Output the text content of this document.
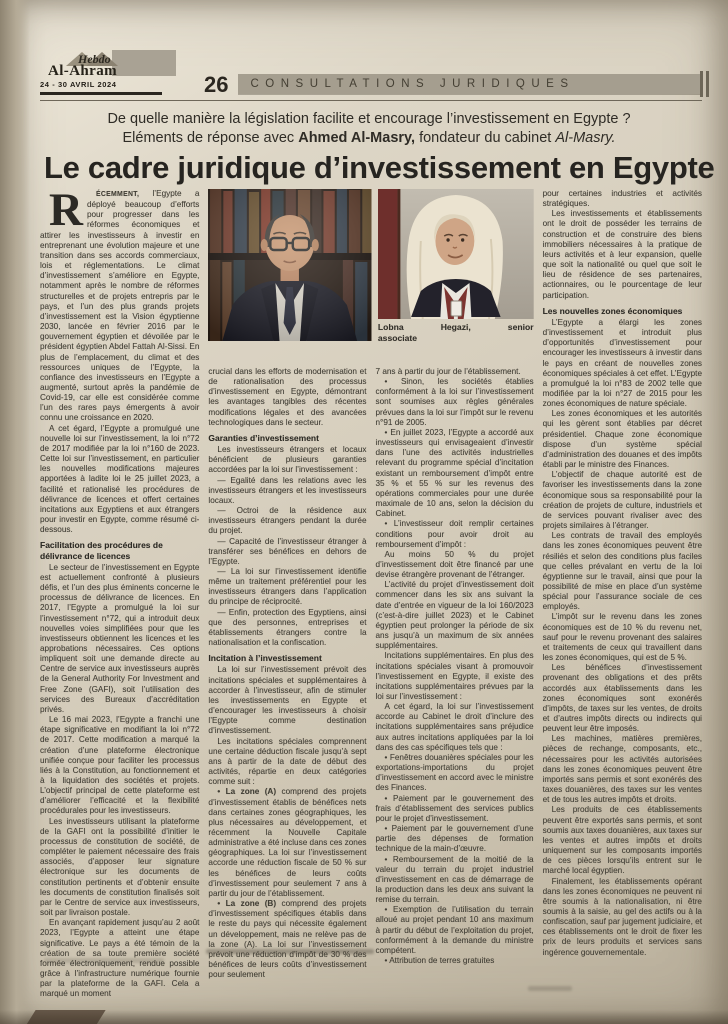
Hebdo
Al-Ahram
24 - 30 AVRIL 2024	26 CONSULTATIONS JURIDIQUES

De quelle manière la législation facilite et encourage l’investissement en Egypte ?

Eléments de réponse avec Ahmed Al-Masry, fondateur du cabinet Al-Masry.

Le cadre juridique d’investissement en Egypte

R ÉCEMMENT, l’Egypte a déployé beaucoup d’efforts pour progresser dans les réformes économiques et attirer les investisseurs à investir en entreprenant une évolution majeure et une transition dans ses accords commerciaux, lois et réglementations. Le climat d’investissement s’améliore en Egypte, notamment après le nombre de réformes structurelles et de projets entrepris par le pays, et l’un des plus grands projets d’investissement est la Vision égyptienne 2030, lancée en février 2016 par le gouvernement égyptien et dévoilée par le président égyptien Abdel Fattah Al-Sissi. En plus de l’emplacement, du climat et des ressources uniques de l’Egypte, la confiance des investisseurs en l’Egypte a augmenté, surtout après la pandémie de Covid-19, car elle est considérée comme l’un des rares pays émergents à avoir connu une croissance en 2020.

A cet égard, l’Egypte a promulgué une nouvelle loi sur l’investissement, la loi n°72 de 2017 modifiée par la loi n°160 de 2023. Cette loi sur l’investissement, en particulier les nouvelles modifications majeures apportées à ladite loi le 25 juillet 2023, a facilité et rationalisé les procédures de délivrance de licences et offert certaines incitations aux Egyptiens et aux étrangers pour investir en Egypte, comme résumé ci-dessous.

Facilitation des procédures de délivrance de licences

Le secteur de l’investissement en Egypte est actuellement confronté à plusieurs défis, et l’un des plus éminents concerne le processus de délivrance de licences. En 2017, l’Egypte a promulgué la loi sur l’investissement n°72, qui a introduit deux nouvelles voies simplifiées pour que les investisseurs obtiennent les licences et les approbations nécessaires. Ces options impliquent soit une demande directe au Centre de service aux investisseurs auprès de la General Authority For Investment and Free Zone (GAFI), soit l’utilisation des services des Bureaux d’accréditation privés.

Le 16 mai 2023, l’Egypte a franchi une étape significative en modifiant la loi n°72 de 2017. Cette modification a marqué la création d’une plateforme électronique unifiée conçue pour faciliter les processus liés à la Constitution, au fonctionnement et à la liquidation des sociétés et projets. L’objectif principal de cette plateforme est d’améliorer l’efficacité et la flexibilité procédurales pour les investisseurs.

Les investisseurs utilisant la plateforme de la GAFI ont la possibilité d’initier le processus de constitution de société, de compléter le paiement nécessaire des frais associés, d’apposer leur signature électronique sur les documents de constitution pertinents et d’obtenir ensuite les documents de constitution finalisés soit par le Centre de service aux investisseurs, soit par livraison postale.

En avançant rapidement jusqu’au 2 août 2023, l’Egypte a atteint une étape significative. Le pays a été témoin de la création de sa toute première société formée électroniquement, rendue possible grâce à l’infrastructure numérique fournie par la plateforme de la GAFI. Cela a marqué un moment

Lobna Hegazi, senior associate

crucial dans les efforts de modernisation et de rationalisation des processus d’investissement en Egypte, démontrant les avantages tangibles des récentes modifications légales et des avancées technologiques dans le secteur.

Garanties d’investissement

Les investisseurs étrangers et locaux bénéficient de plusieurs garanties accordées par la loi sur l’investissement :

— Egalité dans les relations avec les investisseurs étrangers et les investisseurs locaux.

— Octroi de la résidence aux investisseurs étrangers pendant la durée du projet.

— Capacité de l’investisseur étranger à transférer ses bénéfices en dehors de l’Egypte.

— La loi sur l’investissement identifie même un traitement préférentiel pour les investisseurs étrangers dans l’application du principe de réciprocité.

— Enfin, protection des Egyptiens, ainsi que des personnes, entreprises et établissements étrangers contre la nationalisation et la confiscation.

Incitation à l’investissement

La loi sur l’investissement prévoit des incitations spéciales et supplémentaires à accorder à l’investisseur, afin de stimuler les investissements en Egypte et d’encourager les investisseurs à choisir l’Egypte comme destination d’investissement.

Les incitations spéciales comprennent une certaine déduction fiscale jusqu’à sept ans à partir de la date de début des activités, répartie en deux catégories comme suit :

• La zone (A) comprend des projets d’investissement établis de bénéfices nets dans certaines zones géographiques, les plus nécessaires au développement, et récemment la Nouvelle Capitale administrative a été incluse dans ces zones géographiques. La loi sur l’investissement accorde une réduction fiscale de 50 % sur les bénéfices de leurs coûts d’investissement pour seulement 7 ans à partir du jour de l’établissement.

• La zone (B) comprend des projets d’investissement spécifiques établis dans le reste du pays qui nécessite également un développement, mais ne relève pas de la zone (A). La loi sur l’investissement prévoit une réduction d’impôt de 30 % des bénéfices de leurs coûts d’investissement pour seulement

7 ans à partir du jour de l’établissement.

• Sinon, les sociétés établies conformément à la loi sur l’investissement sont soumises aux règles générales prévues dans la loi sur l’impôt sur le revenu n°91 de 2005.

• En juillet 2023, l’Egypte a accordé aux investisseurs qui envisageaient d’investir dans l’une des activités industrielles relevant du programme spécial d’incitation existant un remboursement d’impôt entre 35 % et 55 % sur les revenus des opérations commerciales pour une durée maximale de 10 ans, selon la décision du Cabinet.

• L’investisseur doit remplir certaines conditions pour avoir droit au remboursement d’impôt :

Au moins 50 % du projet d’investissement doit être financé par une devise étrangère provenant de l’étranger.

L’activité du projet d’investissement doit commencer dans les six ans suivant la date d’entrée en vigueur de la loi 160/2023 (c’est-à-dire juillet 2023) et le Cabinet égyptien peut prolonger la période de six ans jusqu’à un maximum de six années supplémentaires.

Incitations supplémentaires. En plus des incitations spéciales visant à promouvoir l’investissement en Egypte, il existe des incitations supplémentaires prévues par la loi sur l’investissement :

A cet égard, la loi sur l’investissement accorde au Cabinet le droit d’inclure des incitations supplémentaires sans préjudice aux autres incitations appliquées par la loi dans des cas spécifiques tels que :

• Fenêtres douanières spéciales pour les exportations-importations du projet d’investissement en accord avec le ministre des Finances.

• Paiement par le gouvernement des frais d’établissement des services publics pour le projet d’investissement.

• Paiement par le gouvernement d’une partie des dépenses de formation technique de la main-d’œuvre.

• Remboursement de la moitié de la valeur du terrain du projet industriel d’investissement en cas de démarrage de la production dans les deux ans suivant la remise du terrain.

• Exemption de l’utilisation du terrain alloué au projet pendant 10 ans maximum à partir du début de l’exploitation du projet, conformément à la demande du ministre compétent.

• Attribution de terres gratuites

pour certaines industries et activités stratégiques.

Les investissements et établissements ont le droit de posséder les terrains de construction et de construire des biens immobiliers nécessaires à la pratique de leurs activités et à leur expansion, quelle que soit la nationalité ou quel que soit le lieu de résidence de ses partenaires, actionnaires, ou le pourcentage de leur participation.

Les nouvelles zones économiques

L’Egypte a élargi les zones d’investissement et introduit plus d’opportunités d’investissement pour encourager les investisseurs à investir dans le pays en créant de nouvelles zones économiques spéciales à cet effet. L’Egypte a promulgué la loi n°83 de 2002 telle que modifiée par la loi n°27 de 2015 pour les zones économiques de nature spéciale.

Les zones économiques et les autorités qui les gèrent sont établies par décret présidentiel. Chaque zone économique dispose d’un système spécial d’administration des douanes et des impôts établi par le ministre des Finances.

L’objectif de chaque autorité est de favoriser les investissements dans la zone économique sous sa responsabilité pour la création de projets de culture, industriels et de services pouvant rivaliser avec des projets similaires à l’étranger.

Les contrats de travail des employés dans les zones économiques peuvent être résiliés et selon des conditions plus faciles que celles prévalant en vertu de la loi égyptienne sur le travail, ainsi que pour la possibilité de mise en place d’un système spécial pour l’assurance sociale de ces employés.

L’impôt sur le revenu dans les zones économiques est de 10 % du revenu net, sauf pour le revenu provenant des salaires et traitements de ceux qui travaillent dans les zones économiques, qui est de 5 %.

Les bénéfices d’investissement provenant des obligations et des prêts accordés aux établissements dans les zones économiques sont exonérés d’impôts, de taxes sur les ventes, de droits et d’autres impôts directs ou indirects qui peuvent leur être imposés.

Les machines, matières premières, pièces de rechange, composants, etc., nécessaires pour les activités autorisées dans les zones économiques peuvent être importés sans permis et sont exonérés des taxes douanières, des taxes sur les ventes et de tous les autres impôts et droits.

Les produits de ces établissements peuvent être exportés sans permis, et sont soumis aux taxes douanières, aux taxes sur les ventes et autres impôts et droits uniquement sur les composants importés de ces pièces lorsqu’ils entrent sur le marché local égyptien.

Finalement, les établissements opérant dans les zones économiques ne peuvent ni être soumis à la nationalisation, ni être soumis à la saisie, au gel des actifs ou à la confiscation, sauf par jugement judiciaire, et ces établissements ont le droit de fixer les prix de leurs produits et services sans ingérence gouvernementale.
